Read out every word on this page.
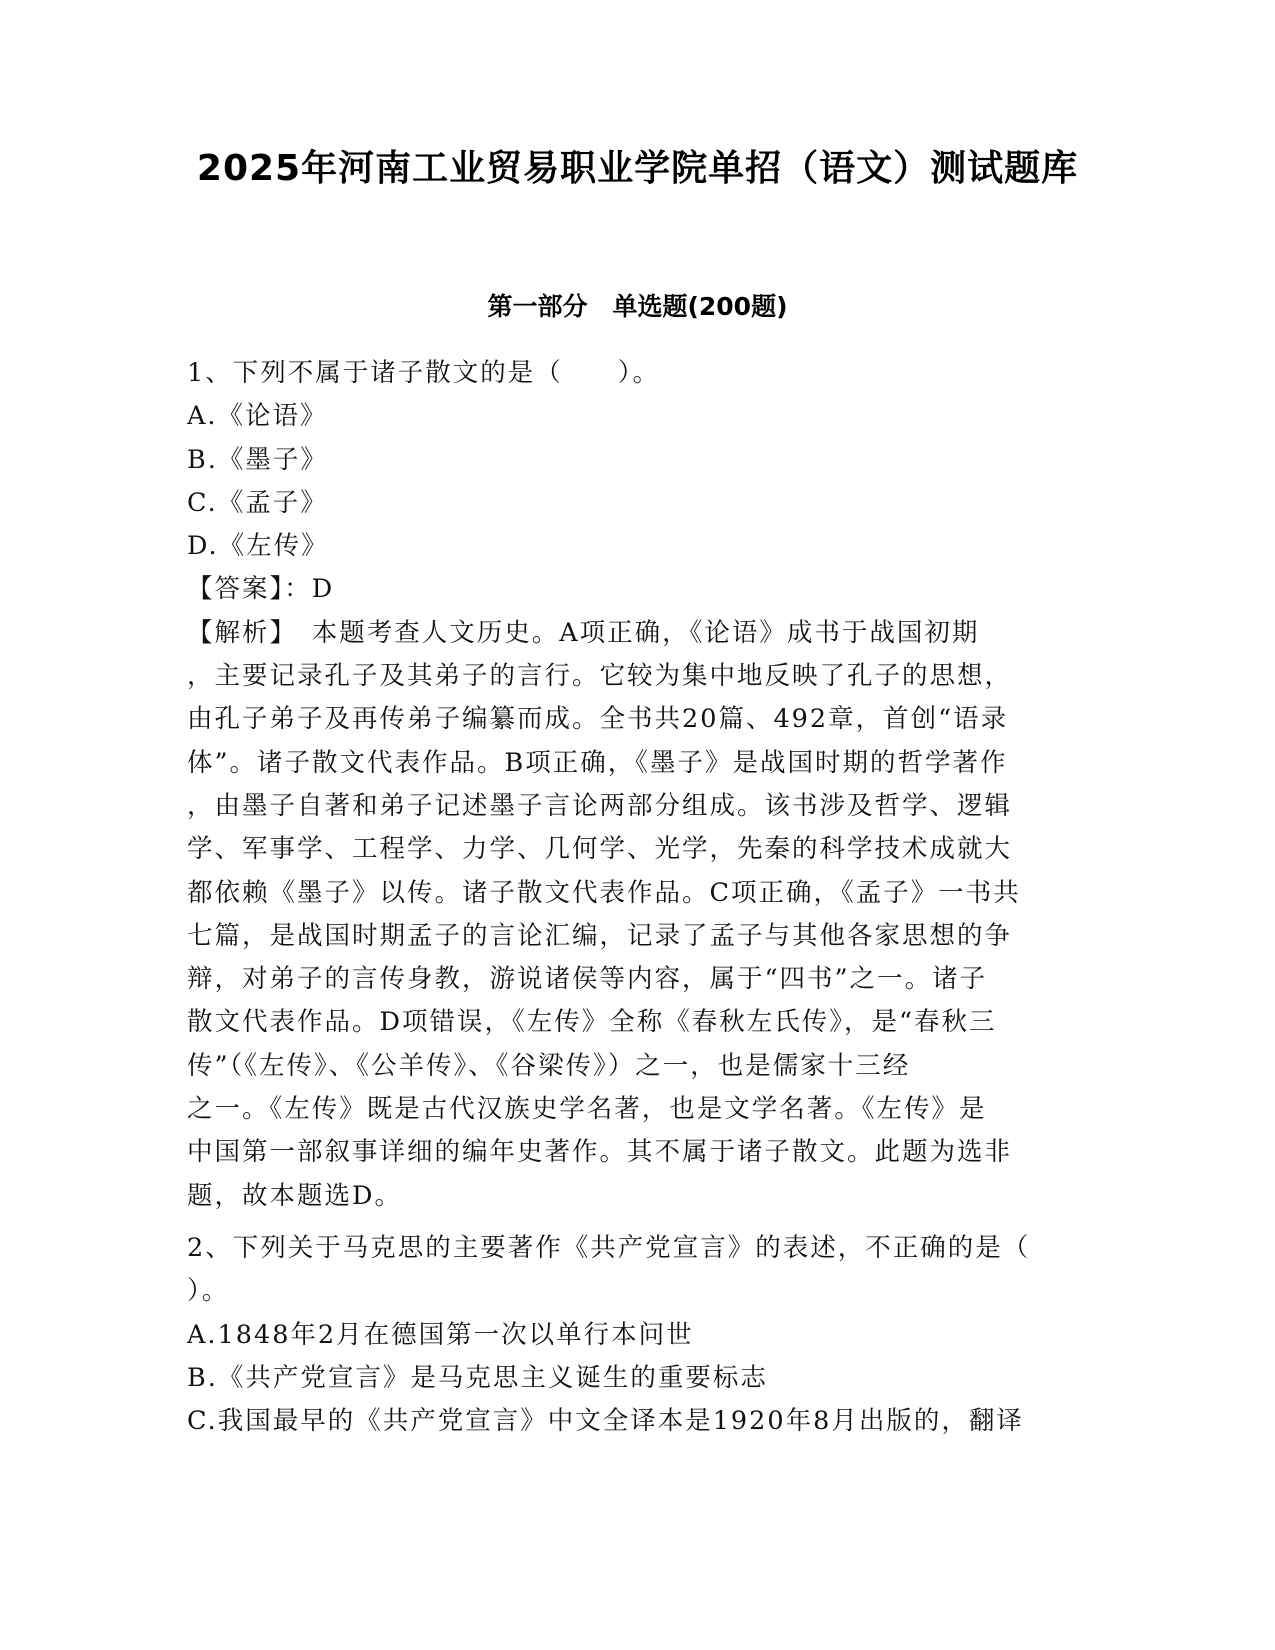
2025年河南工业贸易职业学院单招（语文）测试题库
第一部分　单选题(200题)
1、下列不属于诸子散文的是（　　）。
A.《论语》
B.《墨子》
C.《孟子》
D.《左传》
【答案】：D
【解析】　本题考查人文历史。A项正确，《论语》成书于战国初期
，主要记录孔子及其弟子的言行。它较为集中地反映了孔子的思想，
由孔子弟子及再传弟子编纂而成。全书共20篇、492章，首创“语录
体”。诸子散文代表作品。B项正确，《墨子》是战国时期的哲学著作
，由墨子自著和弟子记述墨子言论两部分组成。该书涉及哲学、逻辑
学、军事学、工程学、力学、几何学、光学，先秦的科学技术成就大
都依赖《墨子》以传。诸子散文代表作品。C项正确，《孟子》一书共
七篇，是战国时期孟子的言论汇编，记录了孟子与其他各家思想的争
辩，对弟子的言传身教，游说诸侯等内容，属于“四书”之一。诸子
散文代表作品。D项错误，《左传》全称《春秋左氏传》，是“春秋三
传”（《左传》、《公羊传》、《谷梁传》）之一，也是儒家十三经
之一。《左传》既是古代汉族史学名著，也是文学名著。《左传》是
中国第一部叙事详细的编年史著作。其不属于诸子散文。此题为选非
题，故本题选D。
2、下列关于马克思的主要著作《共产党宣言》的表述，不正确的是（
）。
A.1848年2月在德国第一次以单行本问世
B.《共产党宣言》是马克思主义诞生的重要标志
C.我国最早的《共产党宣言》中文全译本是1920年8月出版的，翻译
